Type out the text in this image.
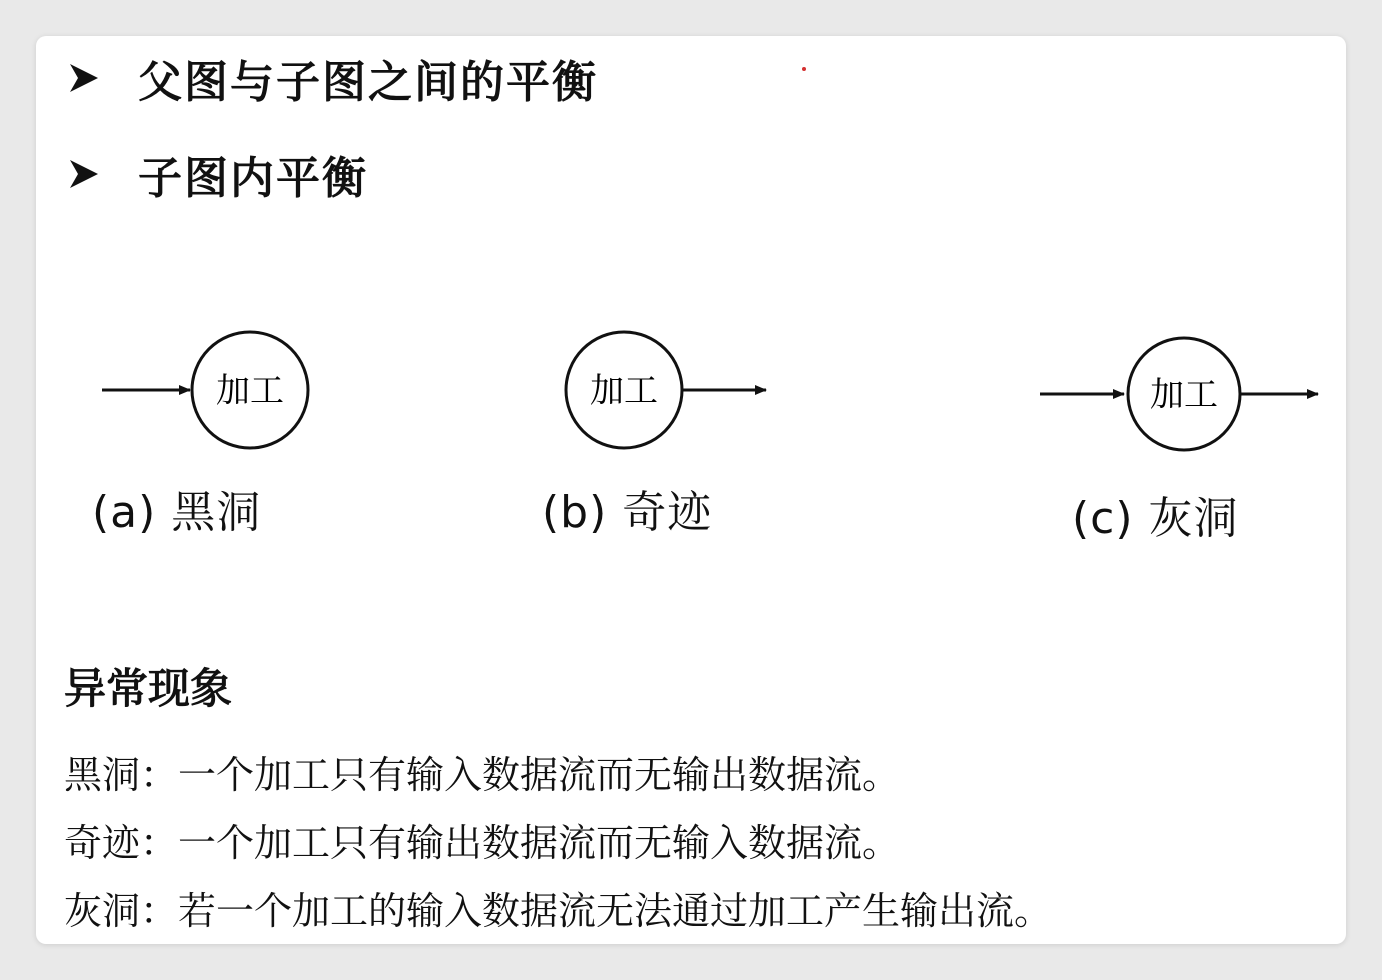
父图与子图之间的平衡
子图内平衡
加工	加工	加工
(a) 黑洞	(b) 奇迹	(c) 灰洞
异常现象
黑洞：一个加工只有输入数据流而无输出数据流。
奇迹：一个加工只有输出数据流而无输入数据流。
灰洞：若一个加工的输入数据流无法通过加工产生输出流。
